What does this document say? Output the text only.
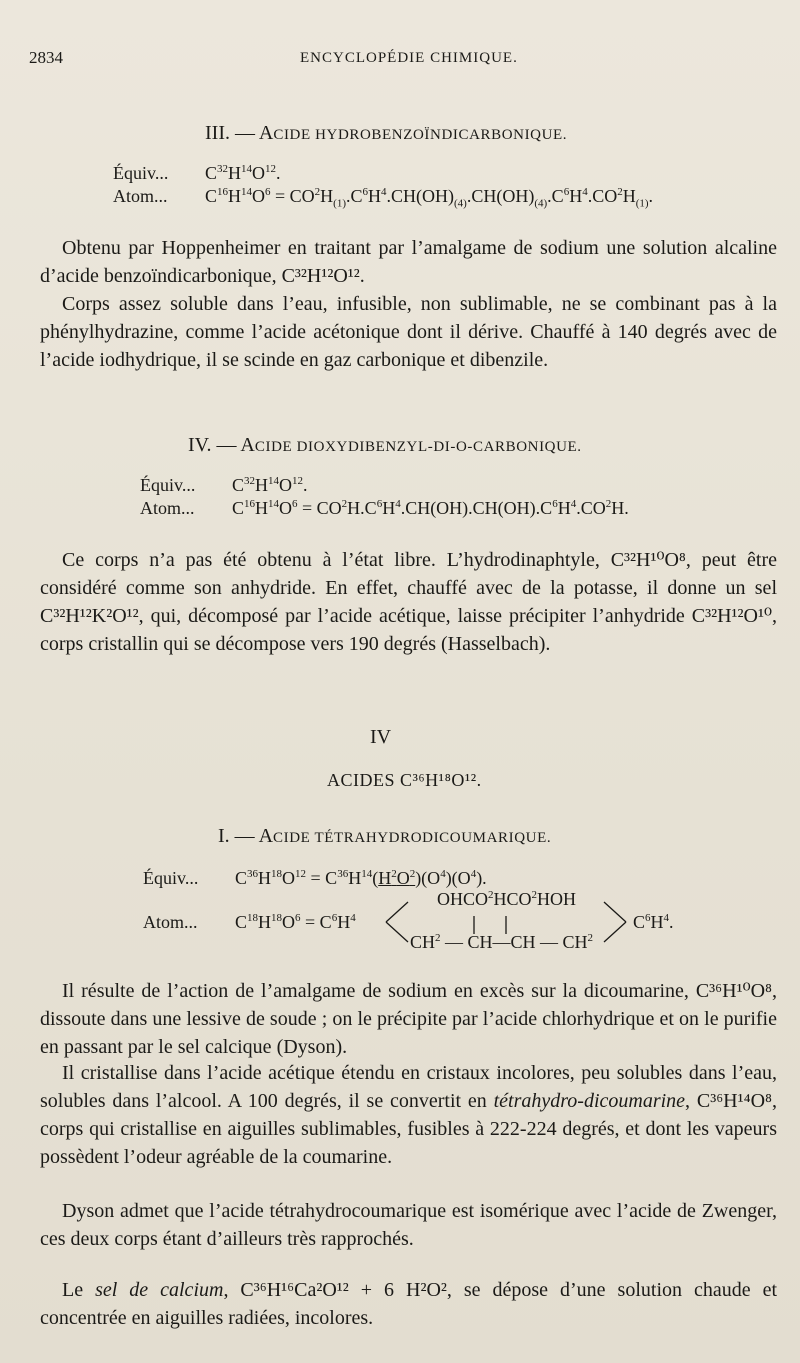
2834	ENCYCLOPÉDIE CHIMIQUE.
III. — ACIDE HYDROBENZOÏNDICARBONIQUE.
Équiv... $C^{32}H^{14}O^{12}$.
Atom... $C^{16}H^{14}O^6 = CO^2H_{(1)}.C^6H^4.CH(OH)_{(4)}.CH(OH)_{(4)}.C^6H^4.CO^2H_{(1)}$.
Obtenu par Hoppenheimer en traitant par l’amalgame de sodium une solution alcaline d’acide benzoïndicarbonique, C³²H¹²O¹².
Corps assez soluble dans l’eau, infusible, non sublimable, ne se combinant pas à la phénylhydrazine, comme l’acide acétonique dont il dérive. Chauffé à 140 degrés avec de l’acide iodhydrique, il se scinde en gaz carbonique et dibenzile.
IV. — ACIDE DIOXYDIBENZYL-DI-O-CARBONIQUE.
Équiv... $C^{32}H^{14}O^{12}$.
Atom... $C^{16}H^{14}O^6 = CO^2H.C^6H^4.CH(OH).CH(OH).C^6H^4.CO^2H$.
Ce corps n’a pas été obtenu à l’état libre. L’hydrodinaphtyle, C³²H¹⁰O⁸, peut être considéré comme son anhydride. En effet, chauffé avec de la potasse, il donne un sel C³²H¹²K²O¹², qui, décomposé par l’acide acétique, laisse précipiter l’anhydride C³²H¹²O¹⁰, corps cristallin qui se décompose vers 190 degrés (Hasselbach).
IV
ACIDES C³⁶H¹⁸O¹².
I. — ACIDE TÉTRAHYDRODICOUMARIQUE.
Équiv... $C^{36}H^{18}O^{12} = C^{36}H^{14}(H^2O^2)(O^4)(O^4)$.
Atom... $C^{18}H^{18}O^6 = C^6H^4$
OHCO$^2$HCO$^2$HOH
$CH^2$ — CH—CH — $CH^2$
$C^6H^4$.
Il résulte de l’action de l’amalgame de sodium en excès sur la dicoumarine, C³⁶H¹⁰O⁸, dissoute dans une lessive de soude ; on le précipite par l’acide chlorhydrique et on le purifie en passant par le sel calcique (Dyson).
Il cristallise dans l’acide acétique étendu en cristaux incolores, peu solubles dans l’eau, solubles dans l’alcool. A 100 degrés, il se convertit en tétrahydro-dicoumarine, C³⁶H¹⁴O⁸, corps qui cristallise en aiguilles sublimables, fusibles à 222-224 degrés, et dont les vapeurs possèdent l’odeur agréable de la coumarine.
Dyson admet que l’acide tétrahydrocoumarique est isomérique avec l’acide de Zwenger, ces deux corps étant d’ailleurs très rapprochés.
Le sel de calcium, C³⁶H¹⁶Ca²O¹² + 6 H²O², se dépose d’une solution chaude et concentrée en aiguilles radiées, incolores.
